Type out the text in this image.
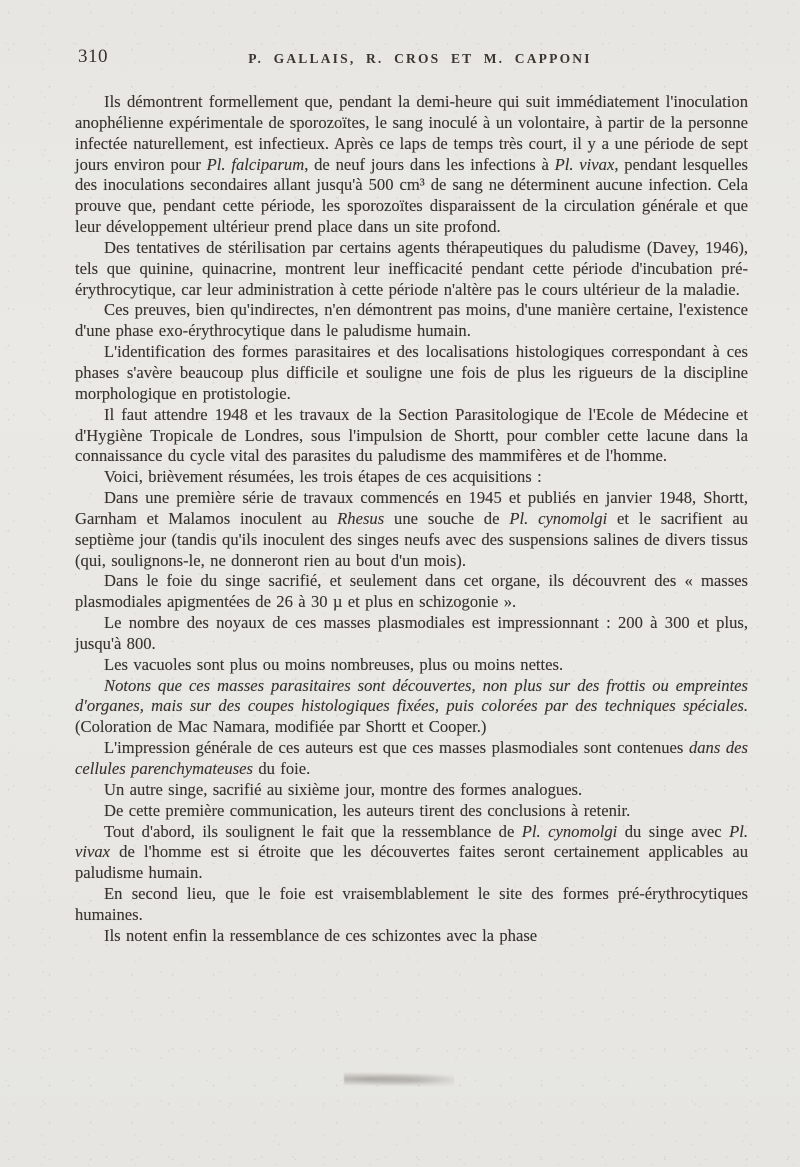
310	P. GALLAIS, R. CROS ET M. CAPPONI

Ils démontrent formellement que, pendant la demi-heure qui suit immédiatement l'inoculation anophélienne expérimentale de sporozoïtes, le sang inoculé à un volontaire, à partir de la personne infectée naturellement, est infectieux. Après ce laps de temps très court, il y a une période de sept jours environ pour Pl. falciparum, de neuf jours dans les infections à Pl. vivax, pendant lesquelles des inoculations secondaires allant jusqu'à 500 cm³ de sang ne déterminent aucune infection. Cela prouve que, pendant cette période, les sporozoïtes disparaissent de la circulation générale et que leur développement ultérieur prend place dans un site profond.

Des tentatives de stérilisation par certains agents thérapeutiques du paludisme (Davey, 1946), tels que quinine, quinacrine, montrent leur inefficacité pendant cette période d'incubation pré-érythrocytique, car leur administration à cette période n'altère pas le cours ultérieur de la maladie.

Ces preuves, bien qu'indirectes, n'en démontrent pas moins, d'une manière certaine, l'existence d'une phase exo-érythrocytique dans le paludisme humain.

L'identification des formes parasitaires et des localisations histologiques correspondant à ces phases s'avère beaucoup plus difficile et souligne une fois de plus les rigueurs de la discipline morphologique en protistologie.

Il faut attendre 1948 et les travaux de la Section Parasitologique de l'Ecole de Médecine et d'Hygiène Tropicale de Londres, sous l'impulsion de Shortt, pour combler cette lacune dans la connaissance du cycle vital des parasites du paludisme des mammifères et de l'homme.

Voici, brièvement résumées, les trois étapes de ces acquisitions :

Dans une première série de travaux commencés en 1945 et publiés en janvier 1948, Shortt, Garnham et Malamos inoculent au Rhesus une souche de Pl. cynomolgi et le sacrifient au septième jour (tandis qu'ils inoculent des singes neufs avec des suspensions salines de divers tissus (qui, soulignons-le, ne donneront rien au bout d'un mois).

Dans le foie du singe sacrifié, et seulement dans cet organe, ils découvrent des « masses plasmodiales apigmentées de 26 à 30 µ et plus en schizogonie ».

Le nombre des noyaux de ces masses plasmodiales est impressionnant : 200 à 300 et plus, jusqu'à 800.

Les vacuoles sont plus ou moins nombreuses, plus ou moins nettes.

Notons que ces masses parasitaires sont découvertes, non plus sur des frottis ou empreintes d'organes, mais sur des coupes histologiques fixées, puis colorées par des techniques spéciales. (Coloration de Mac Namara, modifiée par Shortt et Cooper.)

L'impression générale de ces auteurs est que ces masses plasmodiales sont contenues dans des cellules parenchymateuses du foie.

Un autre singe, sacrifié au sixième jour, montre des formes analogues.

De cette première communication, les auteurs tirent des conclusions à retenir.

Tout d'abord, ils soulignent le fait que la ressemblance de Pl. cynomolgi du singe avec Pl. vivax de l'homme est si étroite que les découvertes faites seront certainement applicables au paludisme humain.

En second lieu, que le foie est vraisemblablement le site des formes pré-érythrocytiques humaines.

Ils notent enfin la ressemblance de ces schizontes avec la phase
